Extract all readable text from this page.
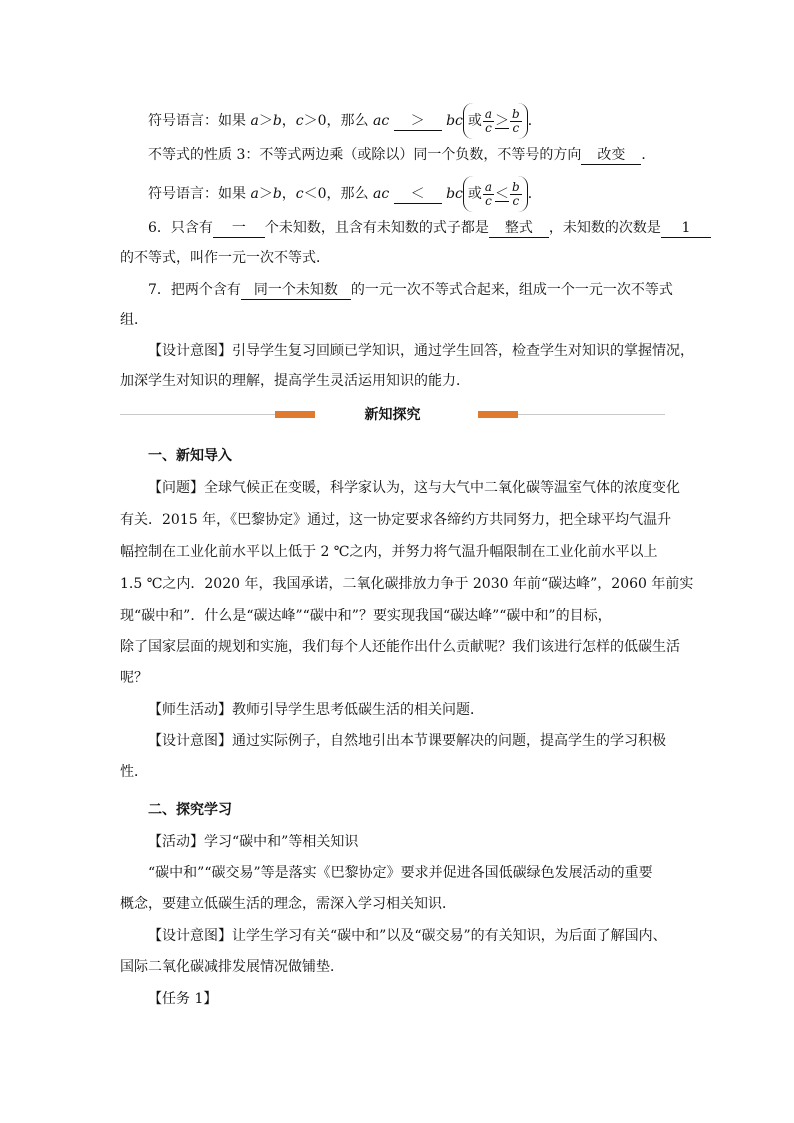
符号语言：如果 a＞b，c＞0，那么 ac ＞ bc 或 $\frac{a}{c} > \frac{b}{c}$ ．
不等式的性质 3：不等式两边乘（或除以）同一个负数，不等号的方向 改变 ．
符号语言：如果 a＞b，c＜0，那么 ac ＜ bc 或 $\frac{a}{c} < \frac{b}{c}$ ．
6．只含有 一 个未知数，且含有未知数的式子都是 整式 ，未知数的次数是 1
的不等式，叫作一元一次不等式．
7．把两个含有 同一个未知数 的一元一次不等式合起来，组成一个一元一次不等式
组．
【设计意图】引导学生复习回顾已学知识，通过学生回答，检查学生对知识的掌握情况，
加深学生对知识的理解，提高学生灵活运用知识的能力．
新知探究
一、新知导入
【问题】全球气候正在变暖，科学家认为，这与大气中二氧化碳等温室气体的浓度变化
有关．2015 年，《巴黎协定》通过，这一协定要求各缔约方共同努力，把全球平均气温升
幅控制在工业化前水平以上低于 2 ℃之内，并努力将气温升幅限制在工业化前水平以上
1.5 ℃之内．2020 年，我国承诺，二氧化碳排放力争于 2030 年前“碳达峰”，2060 年前实
现“碳中和”．什么是“碳达峰”“碳中和”？要实现我国“碳达峰”“碳中和”的目标，
除了国家层面的规划和实施，我们每个人还能作出什么贡献呢？我们该进行怎样的低碳生活
呢？
【师生活动】教师引导学生思考低碳生活的相关问题．
【设计意图】通过实际例子，自然地引出本节课要解决的问题，提高学生的学习积极
性．
二、探究学习
【活动】学习“碳中和”等相关知识
“碳中和”“碳交易”等是落实《巴黎协定》要求并促进各国低碳绿色发展活动的重要
概念，要建立低碳生活的理念，需深入学习相关知识．
【设计意图】让学生学习有关“碳中和”以及“碳交易”的有关知识，为后面了解国内、
国际二氧化碳减排发展情况做铺垫．
【任务 1】
